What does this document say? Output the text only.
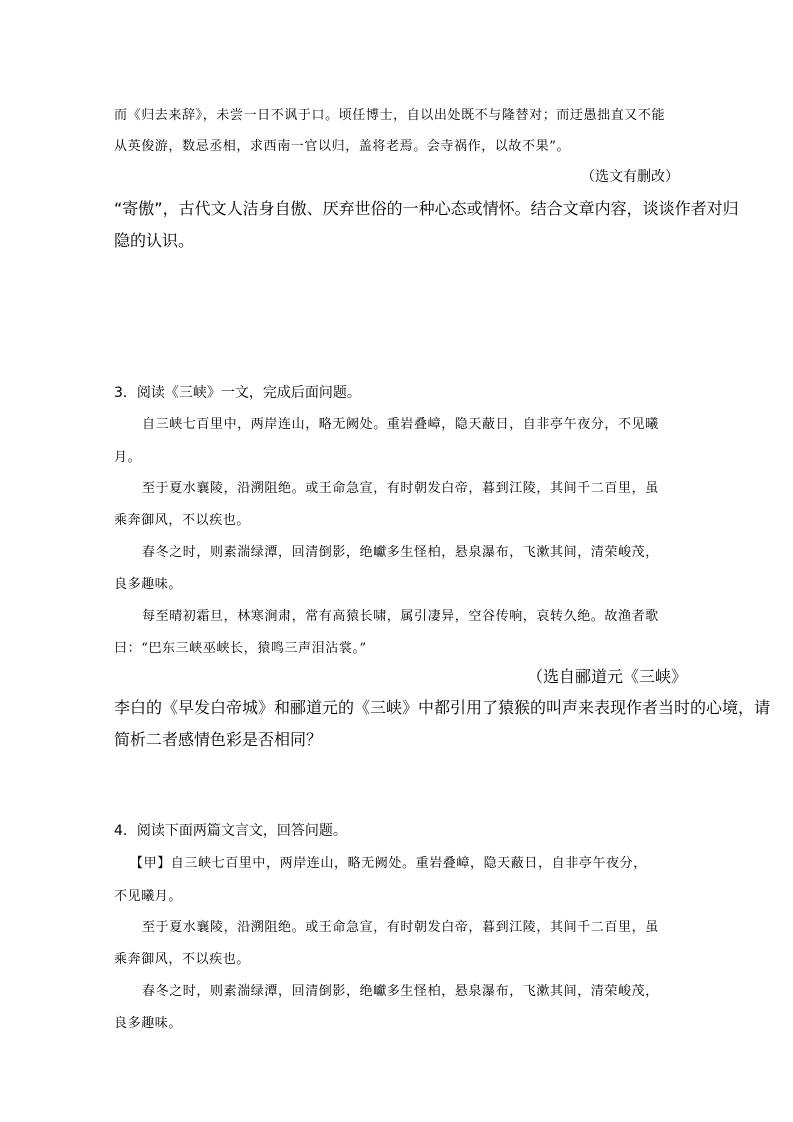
而《归去来辞》，未尝一日不讽于口。顷任博士，自以出处既不与隆替对；而迂愚拙直又不能
从英俊游，数忌丞相，求西南一官以归，盖将老焉。会寺祸作，以故不果”。
（选文有删改）
“寄傲”，古代文人洁身自傲、厌弃世俗的一种心态或情怀。结合文章内容，谈谈作者对归
隐的认识。
3．阅读《三峡》一文，完成后面问题。
自三峡七百里中，两岸连山，略无阙处。重岩叠嶂，隐天蔽日，自非亭午夜分，不见曦
月。
至于夏水襄陵，沿溯阻绝。或王命急宣，有时朝发白帝，暮到江陵，其间千二百里，虽
乘奔御风，不以疾也。
春冬之时，则素湍绿潭，回清倒影，绝巘多生怪柏，悬泉瀑布，飞漱其间，清荣峻茂，
良多趣味。
每至晴初霜旦，林寒涧肃，常有高猿长啸，属引凄异，空谷传响，哀转久绝。故渔者歌
曰：“巴东三峡巫峡长，猿鸣三声泪沾裳。”
（选自郦道元《三峡》
李白的《早发白帝城》和郦道元的《三峡》中都引用了猿猴的叫声来表现作者当时的心境，请
简析二者感情色彩是否相同？
4．阅读下面两篇文言文，回答问题。
【甲】自三峡七百里中，两岸连山，略无阙处。重岩叠嶂，隐天蔽日，自非亭午夜分，
不见曦月。
至于夏水襄陵，沿溯阻绝。或王命急宣，有时朝发白帝，暮到江陵，其间千二百里，虽
乘奔御风，不以疾也。
春冬之时，则素湍绿潭，回清倒影，绝巘多生怪柏，悬泉瀑布，飞漱其间，清荣峻茂，
良多趣味。
